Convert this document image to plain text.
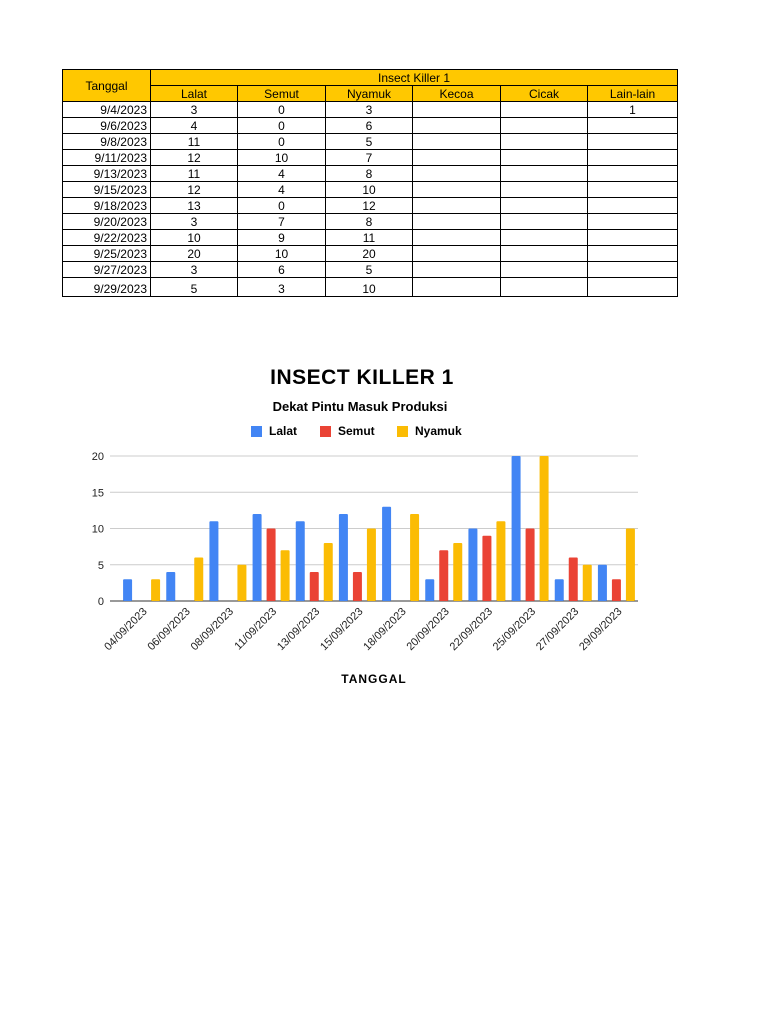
Tanggal	Insect Killer 1					
	Lalat	Semut	Nyamuk	Kecoa	Cicak	Lain-lain
9/4/2023	3	0	3			1
9/6/2023	4	0	6			
9/8/2023	11	0	5			
9/11/2023	12	10	7			
9/13/2023	11	4	8			
9/15/2023	12	4	10			
9/18/2023	13	0	12			
9/20/2023	3	7	8			
9/22/2023	10	9	11			
9/25/2023	20	10	20			
9/27/2023	3	6	5			
9/29/2023	5	3	10			
INSECT KILLER 1
Dekat Pintu Masuk Produksi
Lalat	Semut	Nyamuk
0
5
10
15
20
04/09/2023
06/09/2023
08/09/2023
11/09/2023
13/09/2023
15/09/2023
18/09/2023
20/09/2023
22/09/2023
25/09/2023
27/09/2023
29/09/2023
TANGGAL
